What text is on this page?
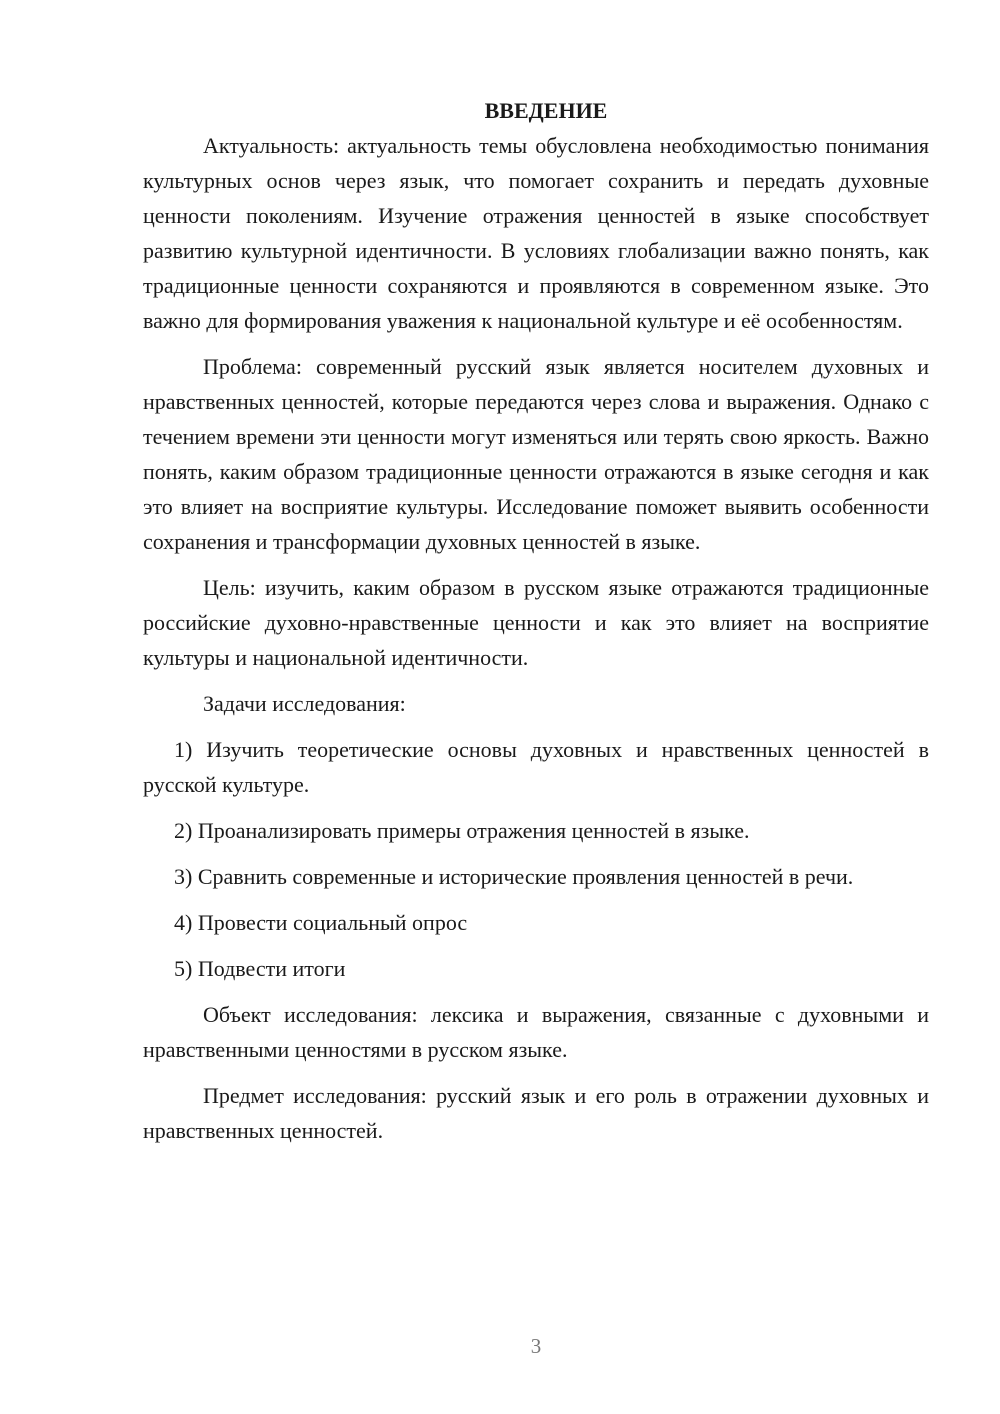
ВВЕДЕНИЕ

Актуальность: актуальность темы обусловлена необходимостью понимания культурных основ через язык, что помогает сохранить и передать духовные ценности поколениям. Изучение отражения ценностей в языке способствует развитию культурной идентичности. В условиях глобализации важно понять, как традиционные ценности сохраняются и проявляются в современном языке. Это важно для формирования уважения к национальной культуре и её особенностям.

Проблема: современный русский язык является носителем духовных и нравственных ценностей, которые передаются через слова и выражения. Однако с течением времени эти ценности могут изменяться или терять свою яркость. Важно понять, каким образом традиционные ценности отражаются в языке сегодня и как это влияет на восприятие культуры. Исследование поможет выявить особенности сохранения и трансформации духовных ценностей в языке.

Цель: изучить, каким образом в русском языке отражаются традиционные российские духовно-нравственные ценности и как это влияет на восприятие культуры и национальной идентичности.

Задачи исследования:

1) Изучить теоретические основы духовных и нравственных ценностей в русской культуре.

2) Проанализировать примеры отражения ценностей в языке.

3) Сравнить современные и исторические проявления ценностей в речи.

4) Провести социальный опрос

5) Подвести итоги

Объект исследования: лексика и выражения, связанные с духовными и нравственными ценностями в русском языке.

Предмет исследования: русский язык и его роль в отражении духовных и нравственных ценностей.

3
